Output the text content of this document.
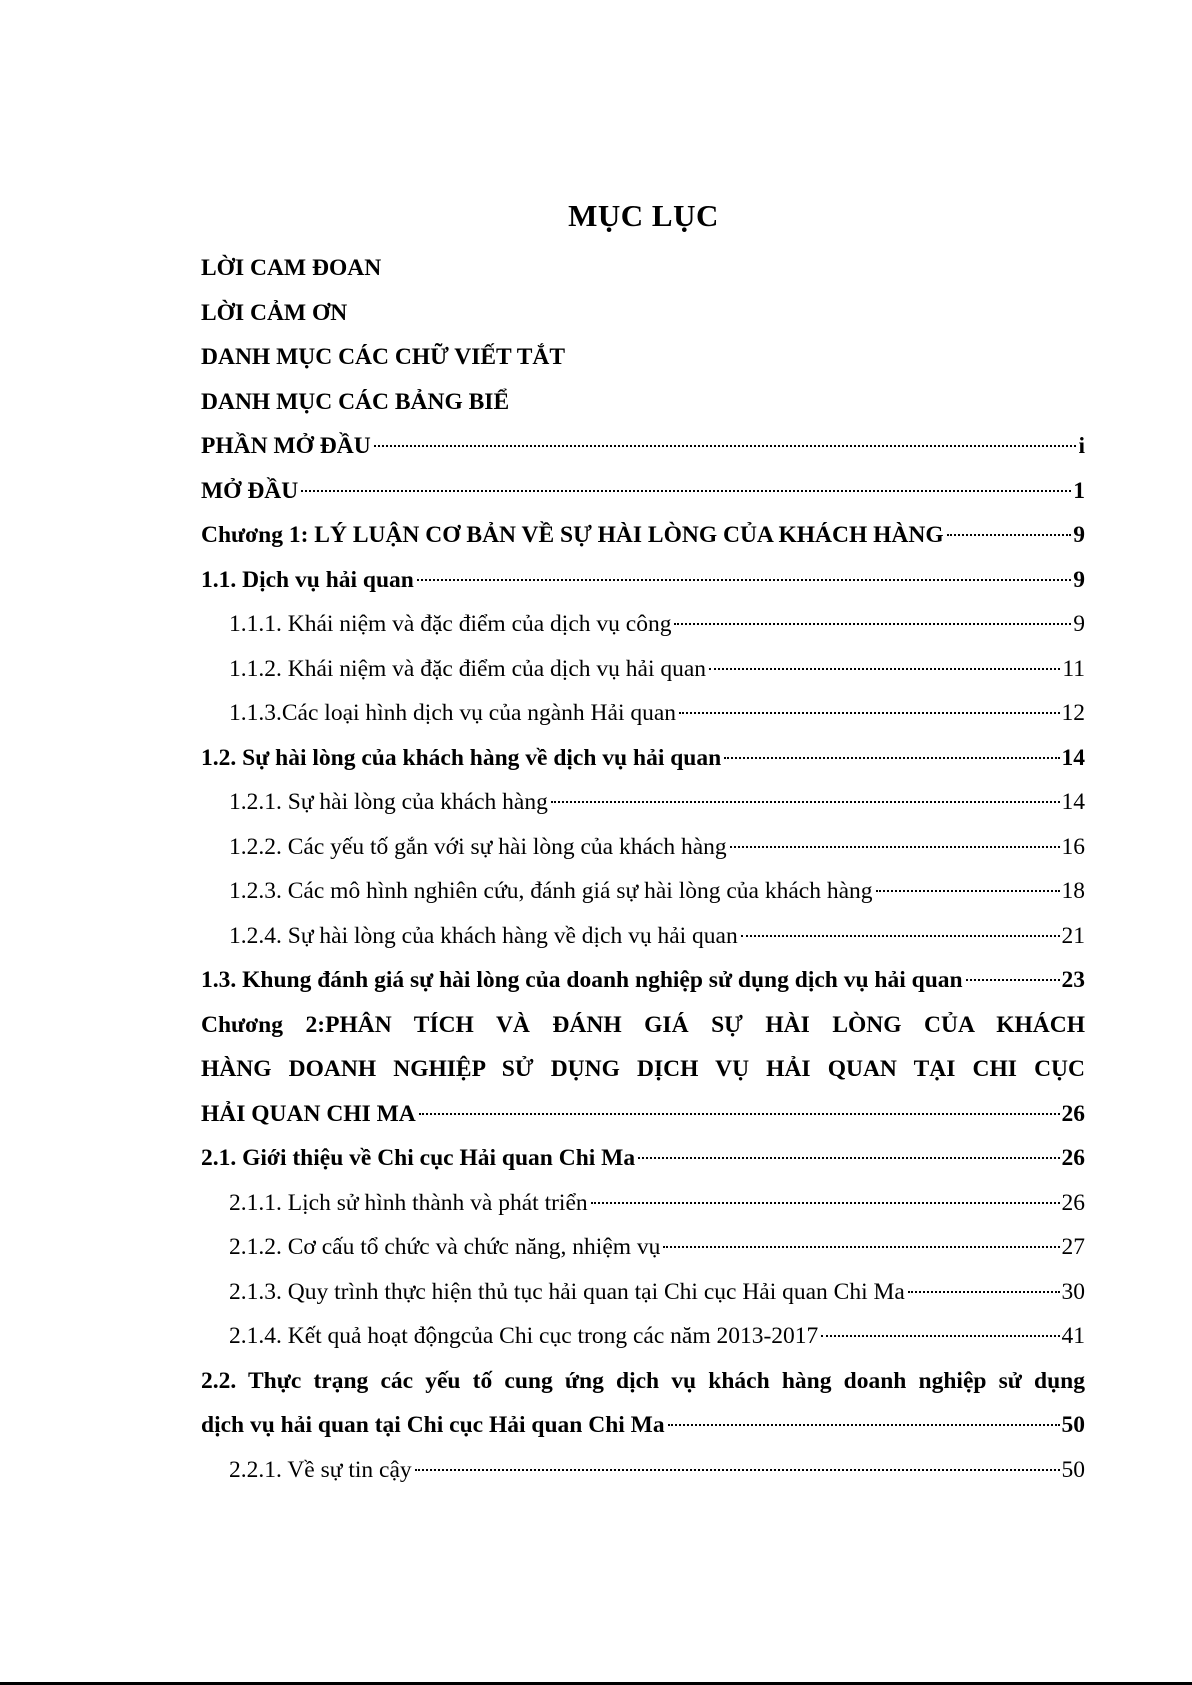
MỤC LỤC
LỜI CAM ĐOAN
LỜI CẢM ƠN
DANH MỤC CÁC CHỮ VIẾT TẮT
DANH MỤC CÁC BẢNG BIỂ
PHẦN MỞ ĐẦU	i
MỞ ĐẦU	1
Chương 1: LÝ LUẬN CƠ BẢN VỀ SỰ HÀI LÒNG CỦA KHÁCH HÀNG	9
1.1. Dịch vụ hải quan	9
1.1.1. Khái niệm và đặc điểm của dịch vụ công	9
1.1.2. Khái niệm và đặc điểm của dịch vụ hải quan	11
1.1.3.Các loại hình dịch vụ của ngành Hải quan	12
1.2. Sự hài lòng của khách hàng về dịch vụ hải quan	14
1.2.1. Sự hài lòng của khách hàng	14
1.2.2. Các yếu tố gắn với sự hài lòng của khách hàng	16
1.2.3. Các mô hình nghiên cứu, đánh giá sự hài lòng của khách hàng	18
1.2.4. Sự hài lòng của khách hàng về dịch vụ hải quan	21
1.3. Khung đánh giá sự hài lòng của doanh nghiệp sử dụng dịch vụ hải quan	23
Chương 2:PHÂN TÍCH VÀ ĐÁNH GIÁ SỰ HÀI LÒNG CỦA KHÁCH
HÀNG DOANH NGHIỆP SỬ DỤNG DỊCH VỤ HẢI QUAN TẠI CHI CỤC
HẢI QUAN CHI MA	26
2.1. Giới thiệu về Chi cục Hải quan Chi Ma	26
2.1.1. Lịch sử hình thành và phát triển	26
2.1.2. Cơ cấu tổ chức và chức năng, nhiệm vụ	27
2.1.3. Quy trình thực hiện thủ tục hải quan tại Chi cục Hải quan Chi Ma	30
2.1.4. Kết quả hoạt độngcủa Chi cục trong các năm 2013-2017	41
2.2. Thực trạng các yếu tố cung ứng dịch vụ khách hàng doanh nghiệp sử dụng
dịch vụ hải quan tại Chi cục Hải quan Chi Ma	50
2.2.1. Về sự tin cậy	50
